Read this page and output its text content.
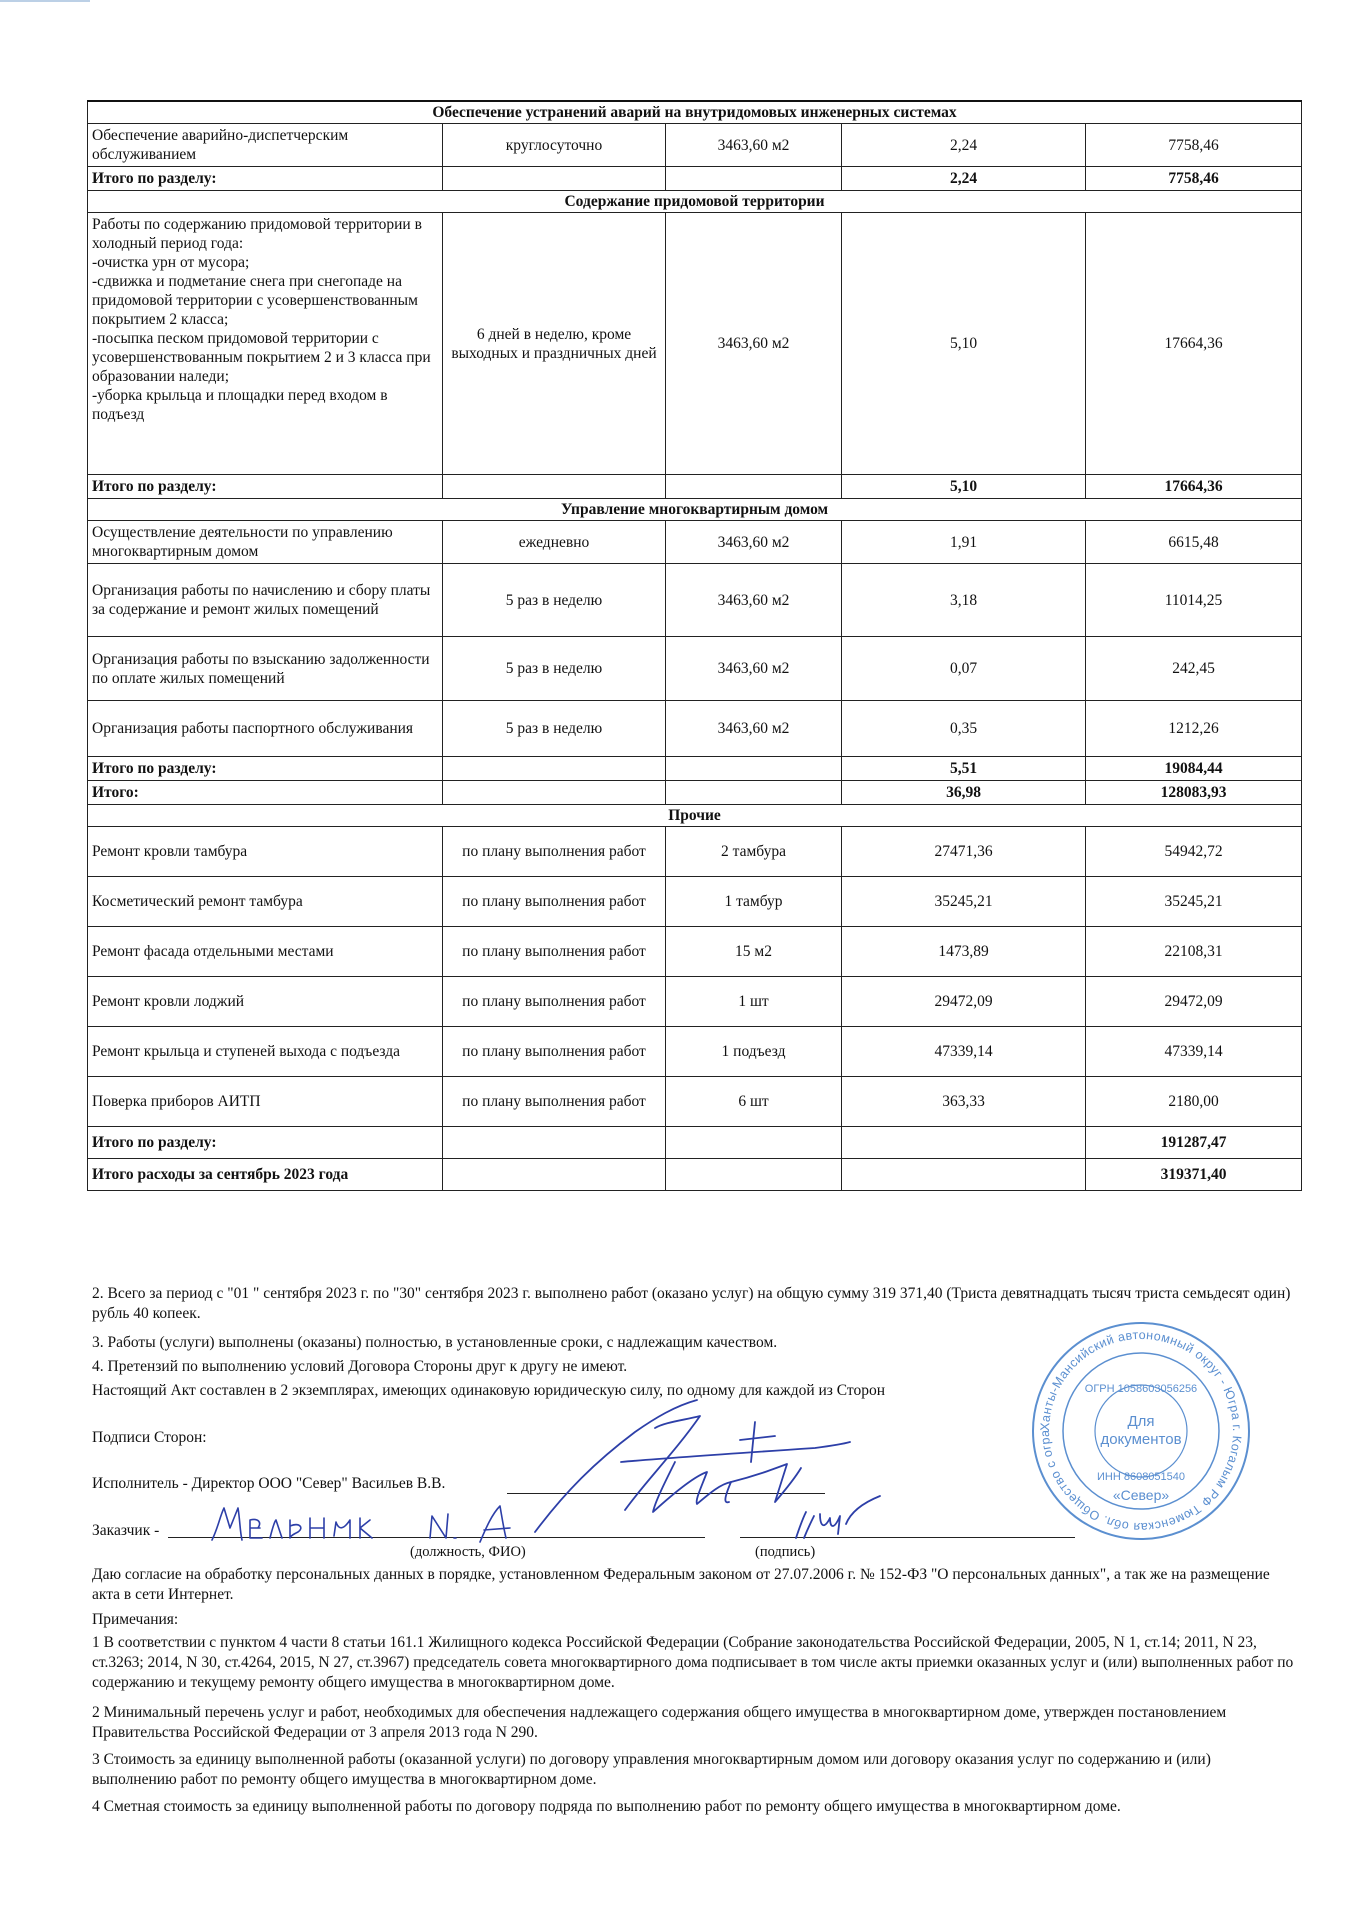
Обеспечение устранений аварий на внутридомовых инженерных системах				
Обеспечение аварийно-диспетчерским обслуживанием	круглосуточно	3463,60 м2	2,24	7758,46
Итого по разделу:			2,24	7758,46
Содержание придомовой территории				
Работы по содержанию придомовой территории в холодный период года:
-очистка урн от мусора;
-сдвижка и подметание снега при снегопаде на придомовой территории с усовершенствованным покрытием 2 класса;
-посыпка песком придомовой территории с усовершенствованным покрытием 2 и 3 класса при образовании наледи;
-уборка крыльца и площадки перед входом в подъезд	6 дней в неделю, кроме выходных и праздничных дней	3463,60 м2	5,10	17664,36
Итого по разделу:			5,10	17664,36
Управление многоквартирным домом				
Осуществление деятельности по управлению многоквартирным домом	ежедневно	3463,60 м2	1,91	6615,48
Организация работы по начислению и сбору платы за содержание и ремонт жилых помещений	5 раз в неделю	3463,60 м2	3,18	11014,25
Организация работы по взысканию задолженности по оплате жилых помещений	5 раз в неделю	3463,60 м2	0,07	242,45
Организация работы паспортного обслуживания	5 раз в неделю	3463,60 м2	0,35	1212,26
Итого по разделу:			5,51	19084,44
Итого:			36,98	128083,93
Прочие				
Ремонт кровли тамбура	по плану выполнения работ	2 тамбура	27471,36	54942,72
Косметический ремонт тамбура	по плану выполнения работ	1 тамбур	35245,21	35245,21
Ремонт фасада отдельными местами	по плану выполнения работ	15 м2	1473,89	22108,31
Ремонт кровли лоджий	по плану выполнения работ	1 шт	29472,09	29472,09
Ремонт крыльца и ступеней выхода с подъезда	по плану выполнения работ	1 подъезд	47339,14	47339,14
Поверка приборов АИТП	по плану выполнения работ	6 шт	363,33	2180,00
Итого по разделу:				191287,47
Итого расходы за сентябрь 2023 года				319371,40
2. Всего за период с "01 " сентября 2023 г. по "30" сентября 2023 г. выполнено работ (оказано услуг) на общую сумму 319 371,40 (Триста девятнадцать тысяч триста семьдесят один) рубль 40 копеек.
3. Работы (услуги) выполнены (оказаны) полностью, в установленные сроки, с надлежащим качеством.
4. Претензий по выполнению условий Договора Стороны друг к другу не имеют.
Настоящий Акт составлен в 2 экземплярах, имеющих одинаковую юридическую силу, по одному для каждой из Сторон
Подписи Сторон:
Исполнитель - Директор ООО "Север" Васильев В.В.
Заказчик -
(должность, ФИО)	(подпись)
Даю согласие на обработку персональных данных в порядке, установленном Федеральным законом от 27.07.2006 г. № 152-ФЗ "О персональных данных", а так же на размещение акта в сети Интернет.
Примечания:
1 В соответствии с пунктом 4 части 8 статьи 161.1 Жилищного кодекса Российской Федерации (Собрание законодательства Российской Федерации, 2005, N 1, ст.14; 2011, N 23, ст.3263; 2014, N 30, ст.4264, 2015, N 27, ст.3967) председатель совета многоквартирного дома подписывает в том числе акты приемки оказанных услуг и (или) выполненных работ по содержанию и текущему ремонту общего имущества в многоквартирном доме.
2 Минимальный перечень услуг и работ, необходимых для обеспечения надлежащего содержания общего имущества в многоквартирном доме, утвержден постановлением Правительства Российской Федерации от 3 апреля 2013 года N 290.
3 Стоимость за единицу выполненной работы (оказанной услуги) по договору управления многоквартирным домом или договору оказания услуг по содержанию и (или) выполнению работ по ремонту общего имущества в многоквартирном доме.
4 Сметная стоимость за единицу выполненной работы по договору подряда по выполнению работ по ремонту общего имущества в многоквартирном доме.
Ханты-Мансийский автономный округ - Югра г. Когалым РФ Тюменская обл. Общество с ограниченной ответственностью
ОГРН 1058603056256
ИНН 8608051540
Для
документов
«Север»
